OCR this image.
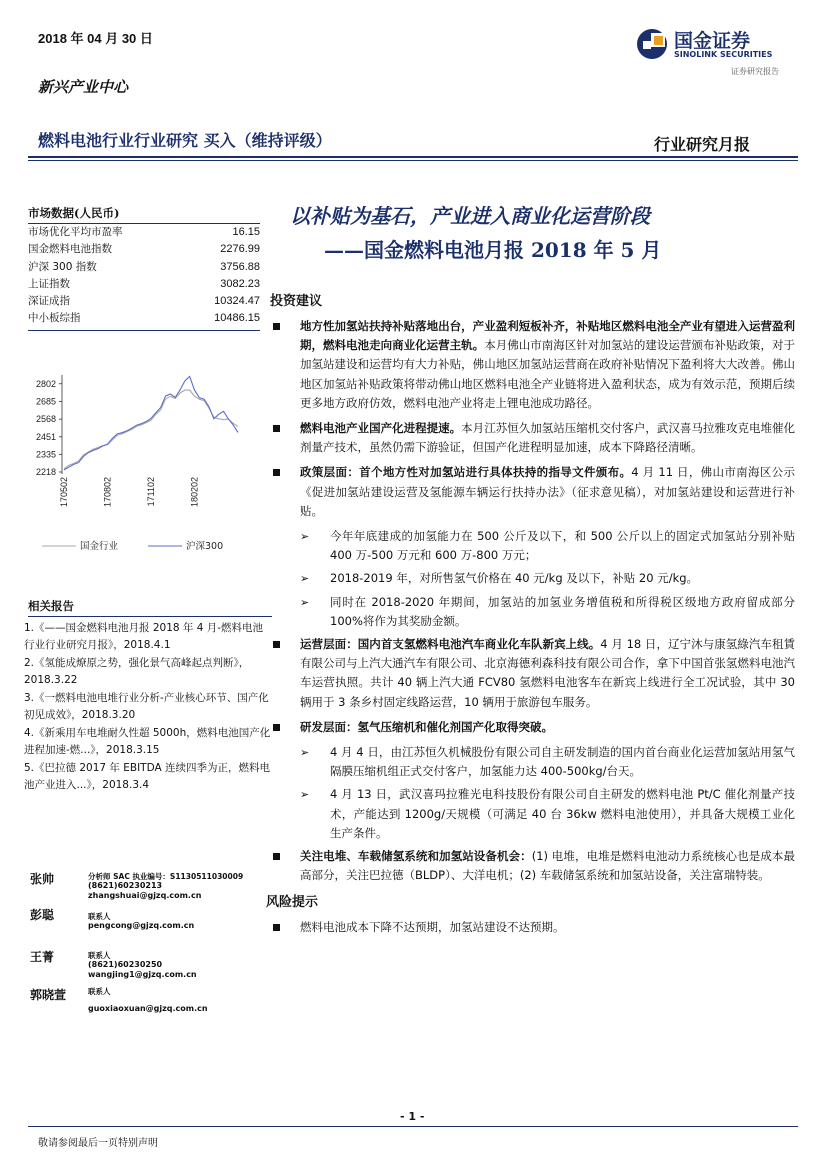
2018 年 04 月 30 日
新兴产业中心
国金证券
SINOLINK SECURITIES
证券研究报告
燃料电池行业行业研究 买入（维持评级）	行业研究月报
以补贴为基石，产业进入商业化运营阶段
——国金燃料电池月报 2018 年 5 月
市场数据(人民币)
市场优化平均市盈率	16.15
国金燃料电池指数	2276.99
沪深 300 指数	3756.88
上证指数	3082.23
深证成指	10324.47
中小板综指	10486.15
2218
2335
2451
2568
2685
2802
170502	170802	171102	180202
国金行业	沪深300
相关报告
1.《——国金燃料电池月报 2018 年 4 月-燃料电池行业行业研究月报》，2018.4.1
2.《氢能成燎原之势，强化景气高峰起点判断》，2018.3.22
3.《一燃料电池电堆行业分析-产业核心环节、国产化初见成效》，2018.3.20
4.《新乘用车电堆耐久性超 5000h，燃料电池国产化进程加速-燃...》，2018.3.15
5.《巴拉德 2017 年 EBITDA 连续四季为正，燃料电池产业进入...》，2018.3.4
张帅	分析师 SAC 执业编号：S1130511030009
(8621)60230213
zhangshuai@gjzq.com.cn
彭聪	联系人
pengcong@gjzq.com.cn
王菁	联系人
(8621)60230250
wangjing1@gjzq.com.cn
郭晓萱	联系人
guoxiaoxuan@gjzq.com.cn
投资建议
地方性加氢站扶持补贴落地出台，产业盈利短板补齐，补贴地区燃料电池全产业有望进入运营盈利期，燃料电池走向商业化运营主轨。本月佛山市南海区针对加氢站的建设运营颁布补贴政策，对于加氢站建设和运营均有大力补贴，佛山地区加氢站运营商在政府补贴情况下盈利将大大改善。佛山地区加氢站补贴政策将带动佛山地区燃料电池全产业链将进入盈利状态，成为有效示范，预期后续更多地方政府仿效，燃料电池产业将走上锂电池成功路径。
燃料电池产业国产化进程提速。本月江苏恒久加氢站压缩机交付客户，武汉喜马拉雅攻克电堆催化剂量产技术，虽然仍需下游验证，但国产化进程明显加速，成本下降路径清晰。
政策层面：首个地方性对加氢站进行具体扶持的指导文件颁布。4 月 11 日，佛山市南海区公示《促进加氢站建设运营及氢能源车辆运行扶持办法》（征求意见稿），对加氢站建设和运营进行补贴。
➢ 今年年底建成的加氢能力在 500 公斤及以下，和 500 公斤以上的固定式加氢站分别补贴 400 万-500 万元和 600 万-800 万元；
➢ 2018-2019 年，对所售氢气价格在 40 元/kg 及以下，补贴 20 元/kg。
➢ 同时在 2018-2020 年期间，加氢站的加氢业务增值税和所得税区级地方政府留成部分 100%将作为其奖励金额。
运营层面：国内首支氢燃料电池汽车商业化车队新宾上线。4 月 18 日，辽宁沐与康氢綠汽车租賃有限公司与上汽大通汽车有限公司、北京海德利森科技有限公司合作，拿下中国首张氢燃料电池汽车运营执照。共计 40 辆上汽大通 FCV80 氢燃料电池客车在新宾上线进行全工况试验，其中 30 辆用于 3 条乡村固定线路运营，10 辆用于旅游包车服务。
研发层面：氢气压缩机和催化剂国产化取得突破。
➢ 4 月 4 日，由江苏恒久机械股份有限公司自主研发制造的国内首台商业化运营加氢站用氢气隔膜压缩机组正式交付客户，加氢能力达 400-500kg/台天。
➢ 4 月 13 日，武汉喜玛拉雅光电科技股份有限公司自主研发的燃料电池 Pt/C 催化剂量产技术，产能达到 1200g/天规模（可满足 40 台 36kw 燃料电池使用），并具备大规模工业化生产条件。
关注电堆、车载储氢系统和加氢站设备机会：(1) 电堆，电堆是燃料电池动力系统核心也是成本最高部分，关注巴拉德（BLDP）、大洋电机；(2) 车载储氢系统和加氢站设备，关注富瑞特装。
风险提示
燃料电池成本下降不达预期，加氢站建设不达预期。
- 1 -
敬请参阅最后一页特别声明
